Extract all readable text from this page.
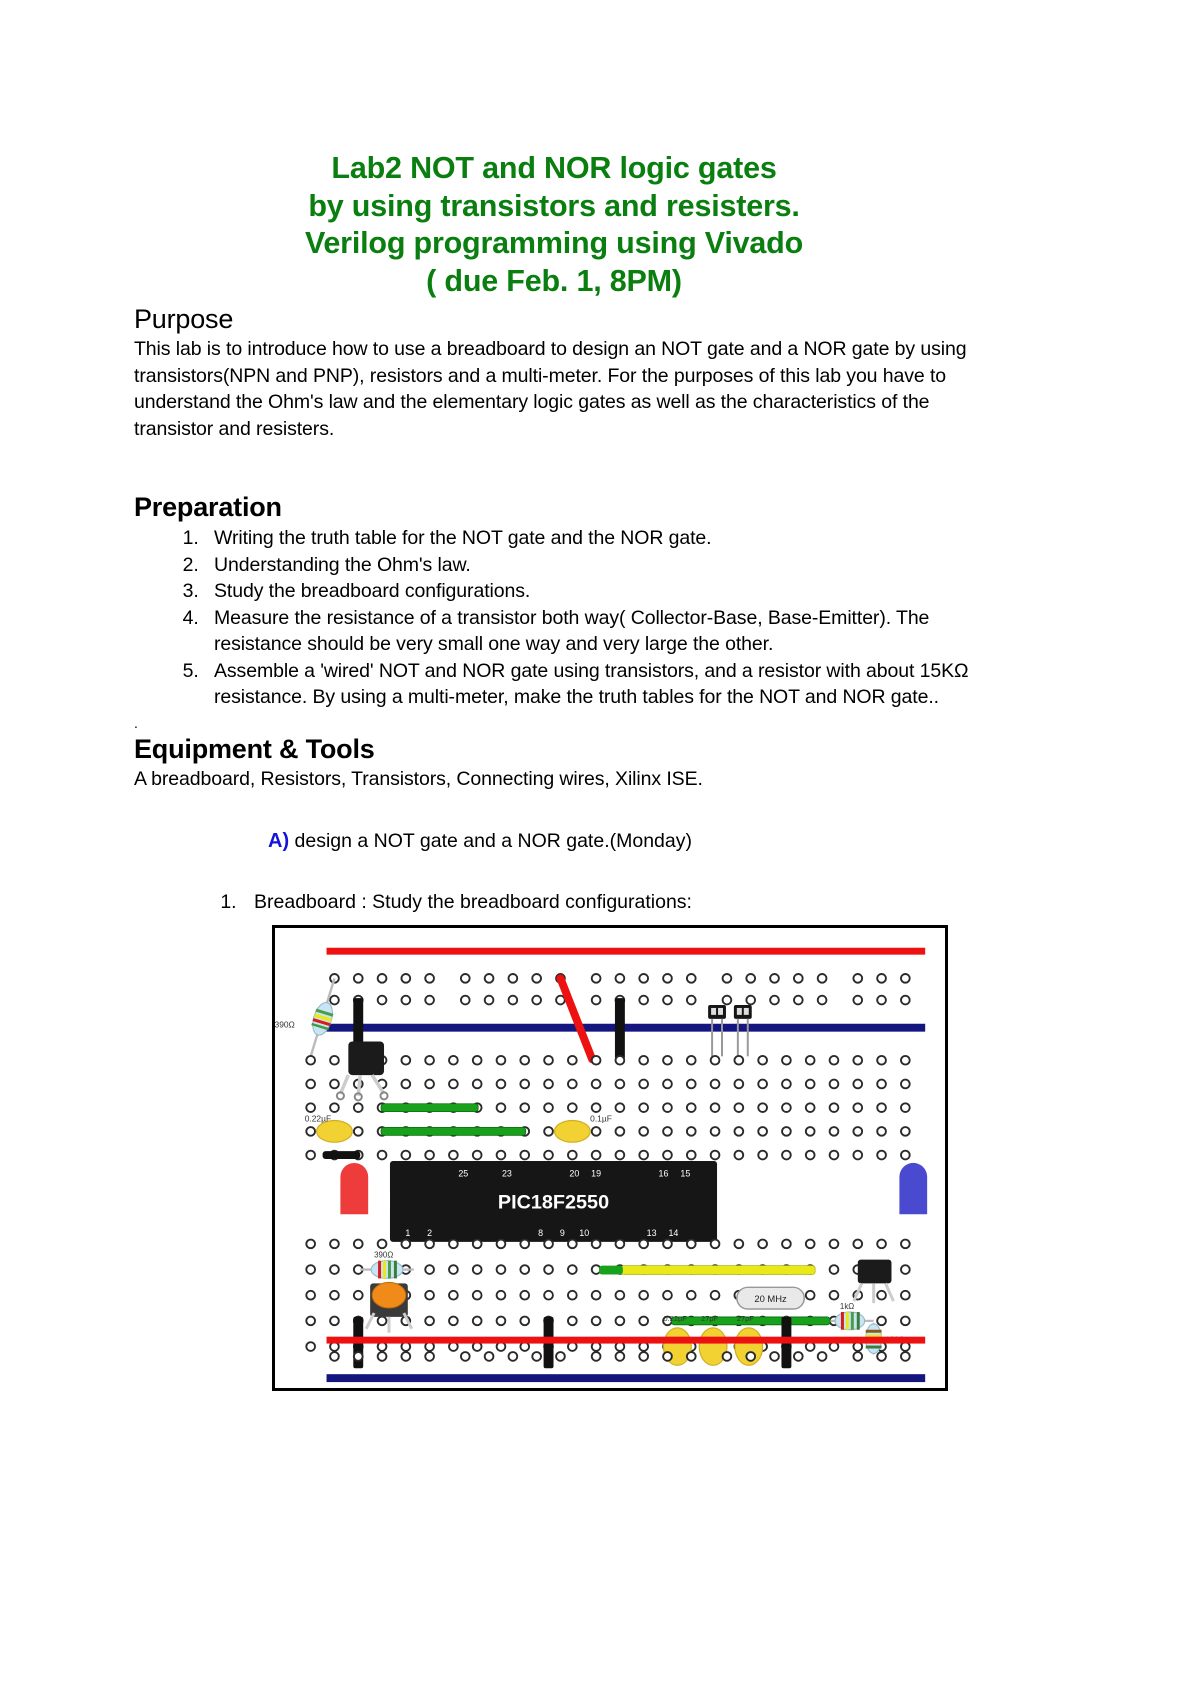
Lab2 NOT and NOR logic gates
by using transistors and resisters.
Verilog programming using Vivado
( due Feb. 1, 8PM)
Purpose

This lab is to introduce how to use a breadboard to design an NOT gate and a NOR gate by using transistors(NPN and PNP), resistors and a multi-meter. For the purposes of this lab you have to understand the Ohm's law and the elementary logic gates as well as the characteristics of the transistor and resisters.

Preparation
1. Writing the truth table for the NOT gate and the NOR gate.
2. Understanding the Ohm's law.
3. Study the breadboard configurations.
4. Measure the resistance of a transistor both way( Collector-Base, Base-Emitter). The resistance should be very small one way and very large the other.
5. Assemble a 'wired' NOT and NOR gate using transistors, and a resistor with about 15KΩ resistance. By using a multi-meter, make the truth tables for the NOT and NOR gate..
.
Equipment & Tools

A breadboard, Resistors, Transistors, Connecting wires, Xilinx ISE.

A) design a NOT gate and a NOR gate.(Monday)
1. Breadboard : Study the breadboard configurations:
390Ω
0.22µF	0.1µF
PIC18F2550
25	23	20 19	16 15
1 2	8 9 10	13 14
390Ω
20 MHz
1kΩ
0.22µF 27pF	27pF
